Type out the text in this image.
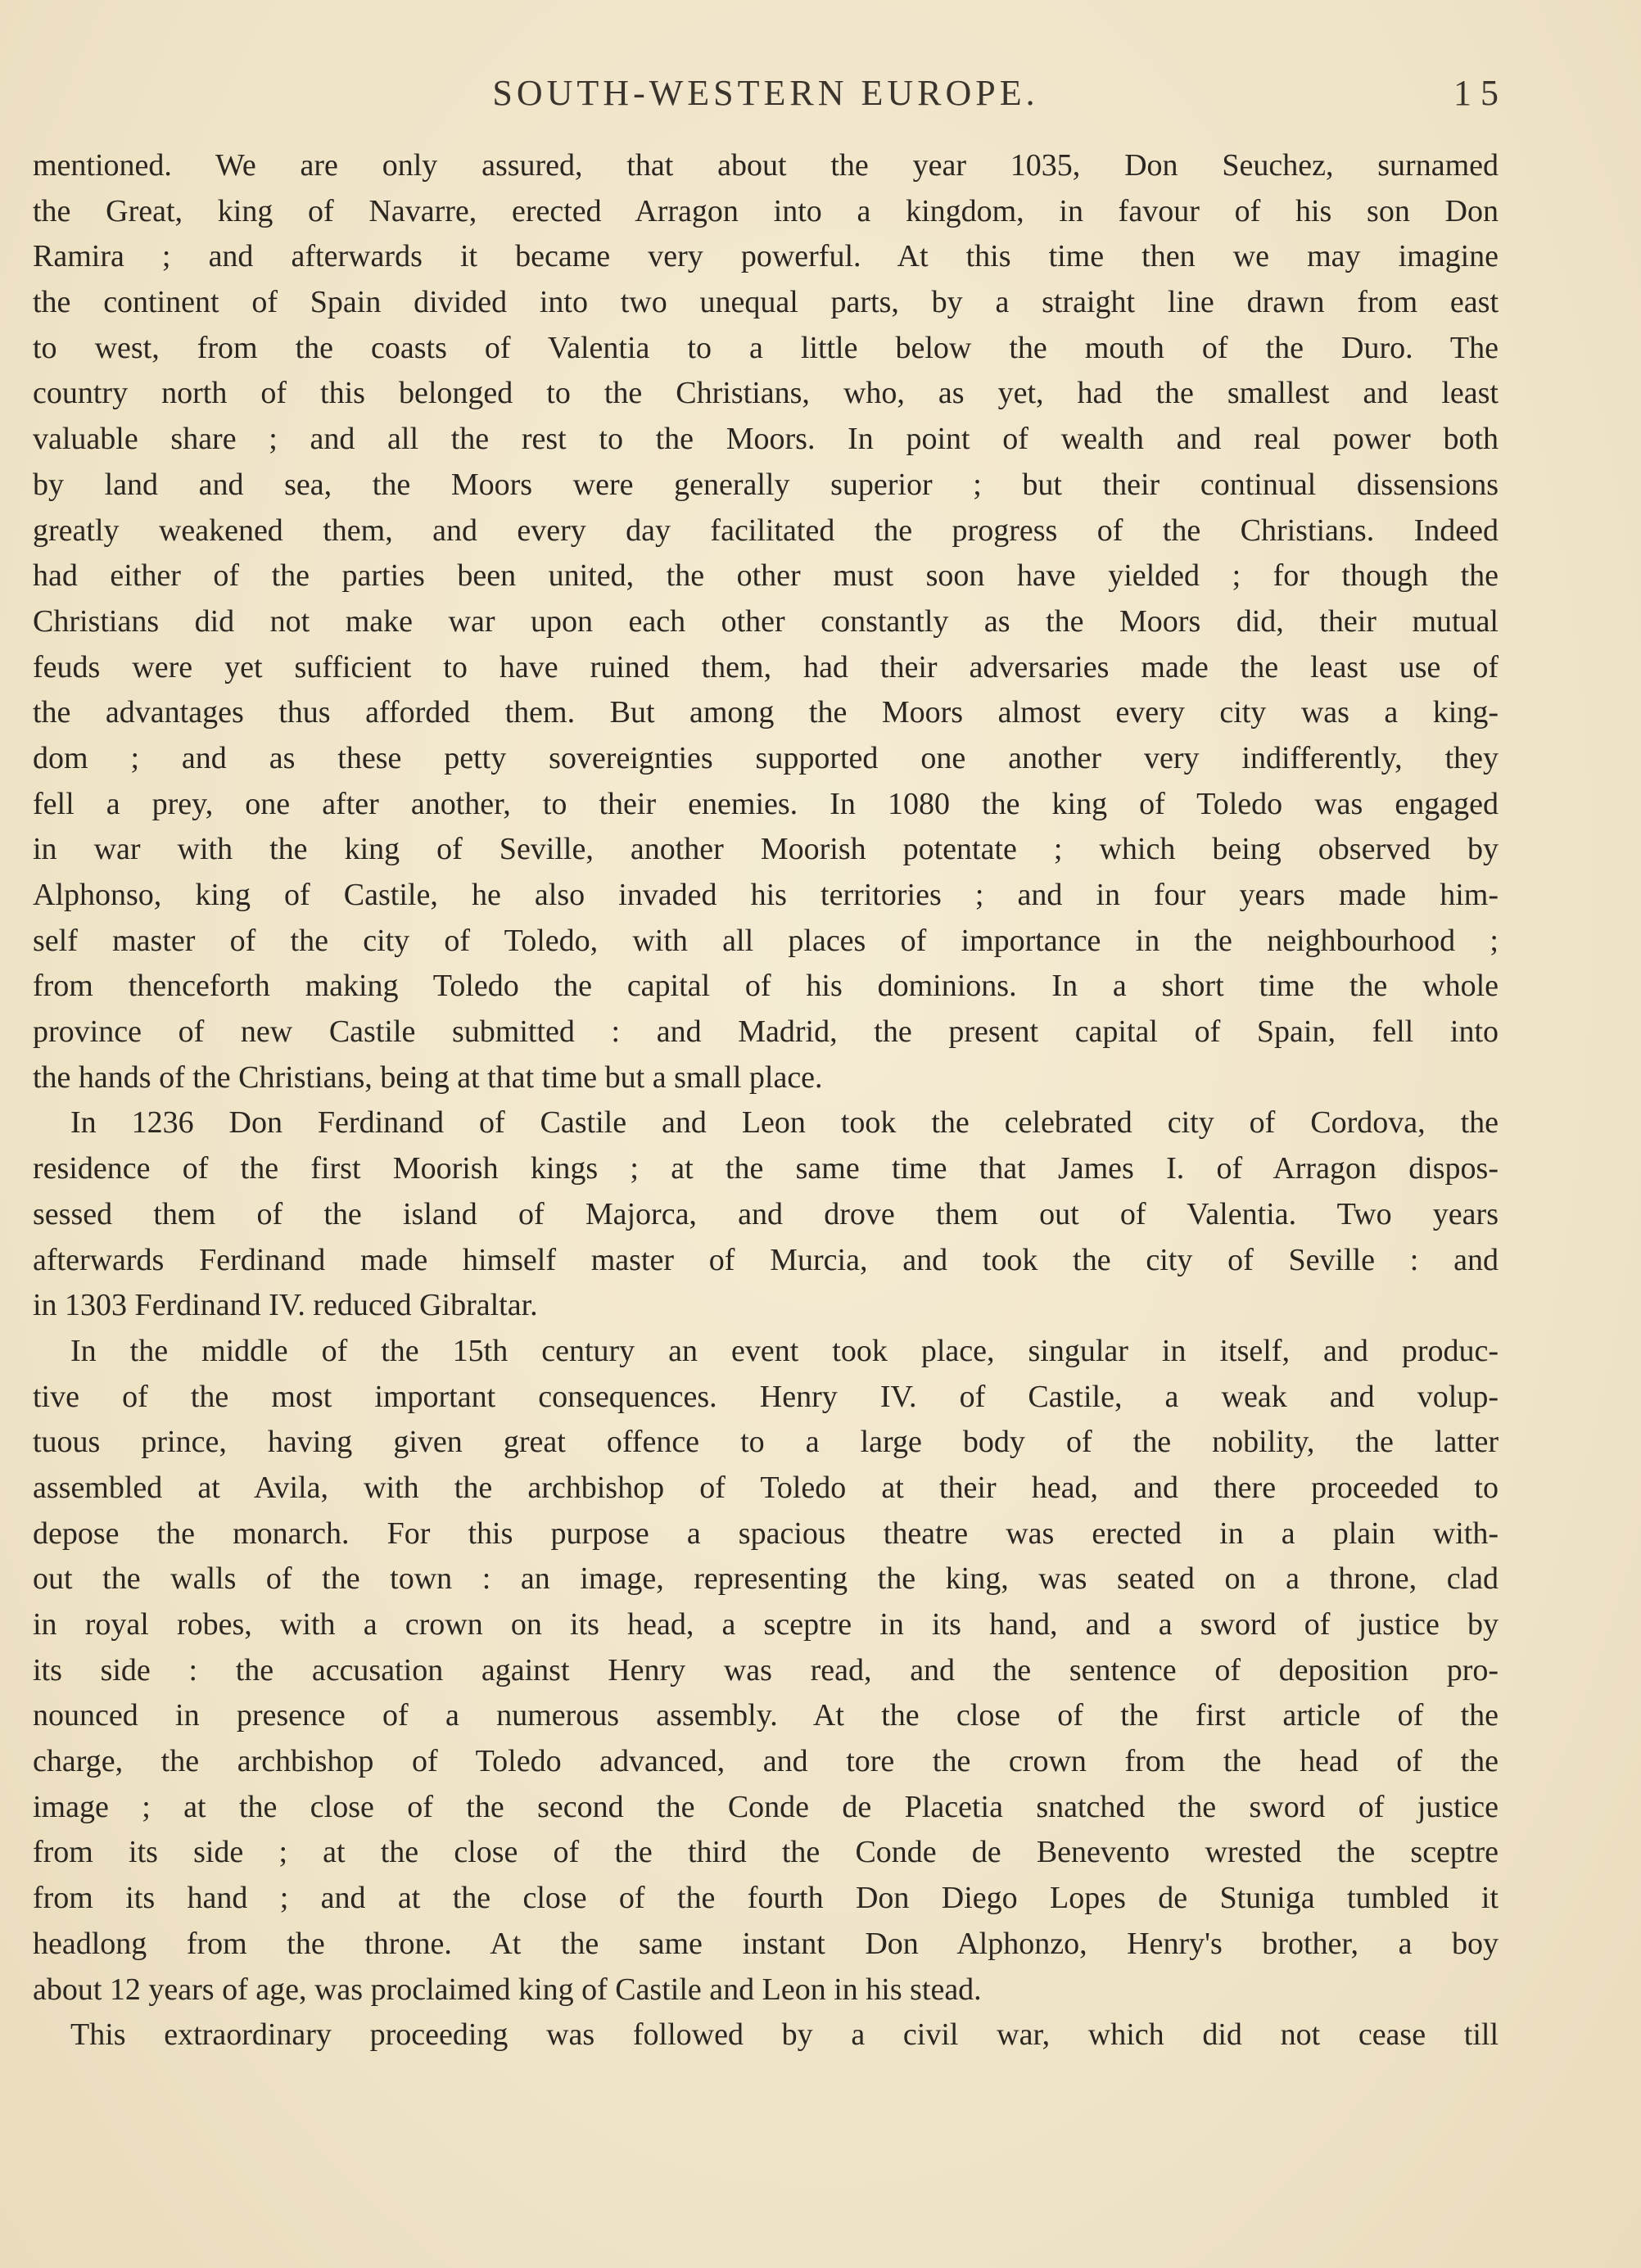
SOUTH-WESTERN EUROPE.	1 5
mentioned. We are only assured, that about the year 1035, Don Seuchez, surnamed
the Great, king of Navarre, erected Arragon into a kingdom, in favour of his son Don
Ramira ; and afterwards it became very powerful. At this time then we may imagine
the continent of Spain divided into two unequal parts, by a straight line drawn from east
to west, from the coasts of Valentia to a little below the mouth of the Duro. The
country north of this belonged to the Christians, who, as yet, had the smallest and least
valuable share ; and all the rest to the Moors. In point of wealth and real power both
by land and sea, the Moors were generally superior ; but their continual dissensions
greatly weakened them, and every day facilitated the progress of the Christians. Indeed
had either of the parties been united, the other must soon have yielded ; for though the
Christians did not make war upon each other constantly as the Moors did, their mutual
feuds were yet sufficient to have ruined them, had their adversaries made the least use of
the advantages thus afforded them. But among the Moors almost every city was a king-
dom ; and as these petty sovereignties supported one another very indifferently, they
fell a prey, one after another, to their enemies. In 1080 the king of Toledo was engaged
in war with the king of Seville, another Moorish potentate ; which being observed by
Alphonso, king of Castile, he also invaded his territories ; and in four years made him-
self master of the city of Toledo, with all places of importance in the neighbourhood ;
from thenceforth making Toledo the capital of his dominions. In a short time the whole
province of new Castile submitted : and Madrid, the present capital of Spain, fell into
the hands of the Christians, being at that time but a small place.
In 1236 Don Ferdinand of Castile and Leon took the celebrated city of Cordova, the
residence of the first Moorish kings ; at the same time that James I. of Arragon dispos-
sessed them of the island of Majorca, and drove them out of Valentia. Two years
afterwards Ferdinand made himself master of Murcia, and took the city of Seville : and
in 1303 Ferdinand IV. reduced Gibraltar.
In the middle of the 15th century an event took place, singular in itself, and produc-
tive of the most important consequences. Henry IV. of Castile, a weak and volup-
tuous prince, having given great offence to a large body of the nobility, the latter
assembled at Avila, with the archbishop of Toledo at their head, and there proceeded to
depose the monarch. For this purpose a spacious theatre was erected in a plain with-
out the walls of the town : an image, representing the king, was seated on a throne, clad
in royal robes, with a crown on its head, a sceptre in its hand, and a sword of justice by
its side : the accusation against Henry was read, and the sentence of deposition pro-
nounced in presence of a numerous assembly. At the close of the first article of the
charge, the archbishop of Toledo advanced, and tore the crown from the head of the
image ; at the close of the second the Conde de Placetia snatched the sword of justice
from its side ; at the close of the third the Conde de Benevento wrested the sceptre
from its hand ; and at the close of the fourth Don Diego Lopes de Stuniga tumbled it
headlong from the throne. At the same instant Don Alphonzo, Henry's brother, a boy
about 12 years of age, was proclaimed king of Castile and Leon in his stead.
This extraordinary proceeding was followed by a civil war, which did not cease till
